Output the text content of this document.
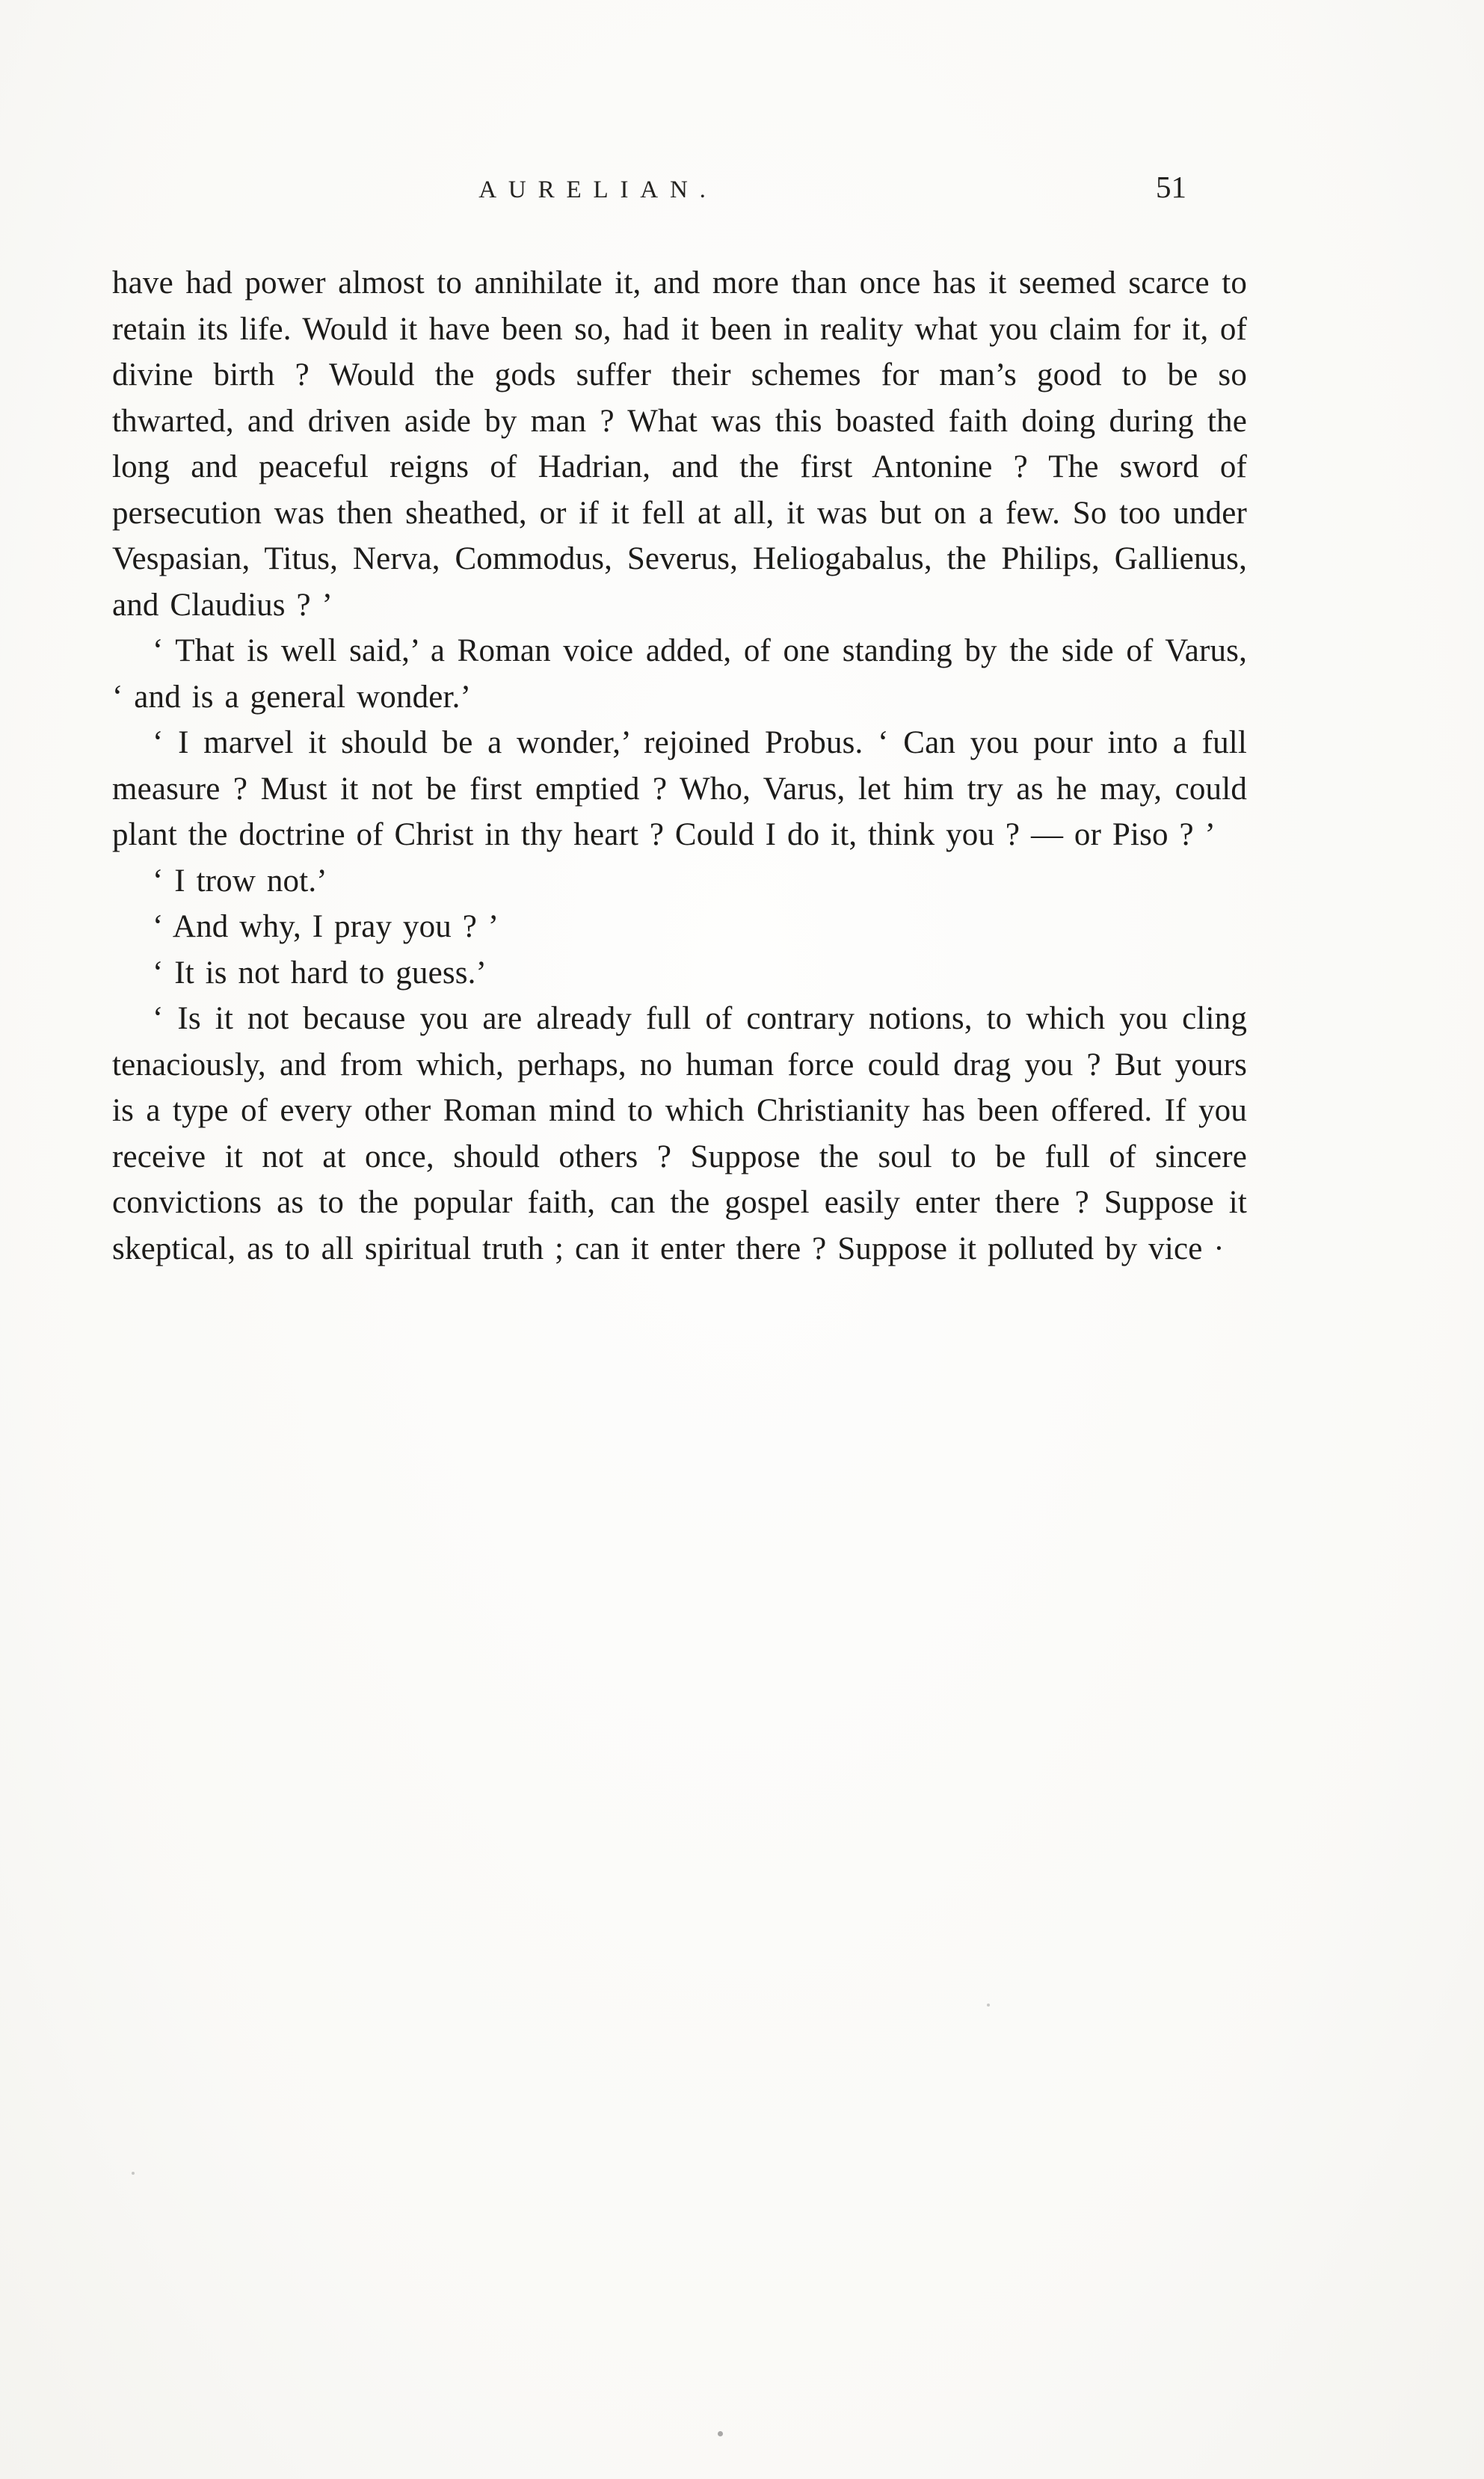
AURELIAN.	51

have had power almost to annihilate it, and more than once has it seemed scarce to retain its life. Would it have been so, had it been in reality what you claim for it, of divine birth ? Would the gods suffer their schemes for man’s good to be so thwarted, and driven aside by man ? What was this boasted faith doing during the long and peaceful reigns of Hadrian, and the first Antonine ? The sword of persecution was then sheathed, or if it fell at all, it was but on a few. So too under Vespasian, Titus, Nerva, Commodus, Severus, Heliogabalus, the Philips, Gallienus, and Claudius ? ’

‘ That is well said,’ a Roman voice added, of one standing by the side of Varus, ‘ and is a general wonder.’

‘ I marvel it should be a wonder,’ rejoined Probus. ‘ Can you pour into a full measure ? Must it not be first emptied ? Who, Varus, let him try as he may, could plant the doctrine of Christ in thy heart ? Could I do it, think you ? — or Piso ? ’

‘ I trow not.’

‘ And why, I pray you ? ’

‘ It is not hard to guess.’

‘ Is it not because you are already full of contrary notions, to which you cling tenaciously, and from which, perhaps, no human force could drag you ? But yours is a type of every other Roman mind to which Christianity has been offered. If you receive it not at once, should others ? Suppose the soul to be full of sincere convictions as to the popular faith, can the gospel easily enter there ? Suppose it skeptical, as to all spiritual truth ; can it enter there ? Suppose it polluted by vice ·
